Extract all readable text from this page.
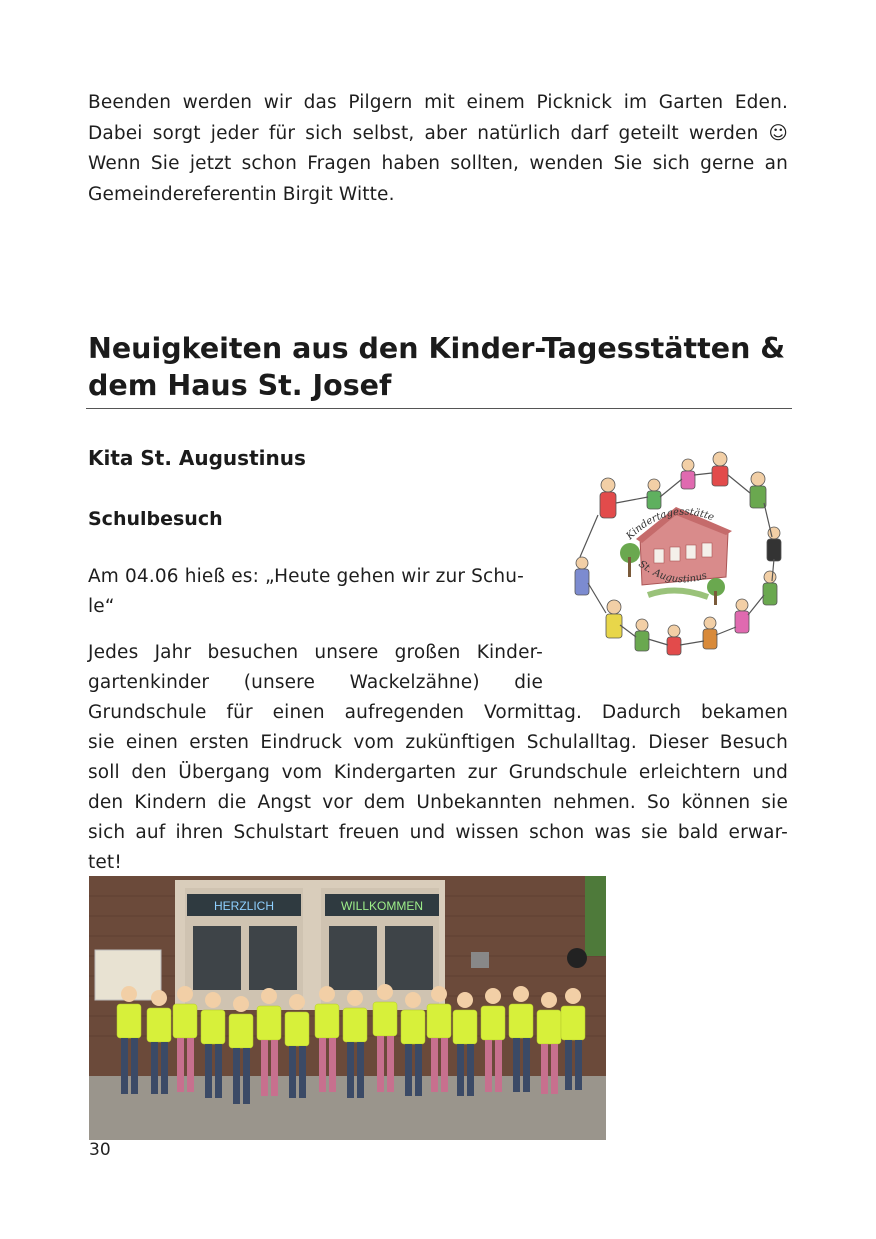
Beenden werden wir das Pilgern mit einem Picknick im Garten Eden.

Dabei sorgt jeder für sich selbst, aber natürlich darf geteilt werden ☺

Wenn Sie jetzt schon Fragen haben sollten, wenden Sie sich gerne an

Gemeindereferentin Birgit Witte.

Neuigkeiten aus den Kinder-Tagesstätten &
dem Haus St. Josef
Kita St. Augustinus
Schulbesuch
Am 04.06 hieß es: „Heute gehen wir zur Schu-
le“
Jedes Jahr besuchen unsere großen Kinder-
gartenkinder (unsere Wackelzähne) die
Grundschule für einen aufregenden Vormittag. Dadurch bekamen
sie einen ersten Eindruck vom zukünftigen Schulalltag. Dieser Besuch
soll den Übergang vom Kindergarten zur Grundschule erleichtern und
den Kindern die Angst vor dem Unbekannten nehmen. So können sie
sich auf ihren Schulstart freuen und wissen schon was sie bald erwar-
tet!
Kindertagesstätte
St. Augustinus
HERZLICH	WILLKOMMEN
30
